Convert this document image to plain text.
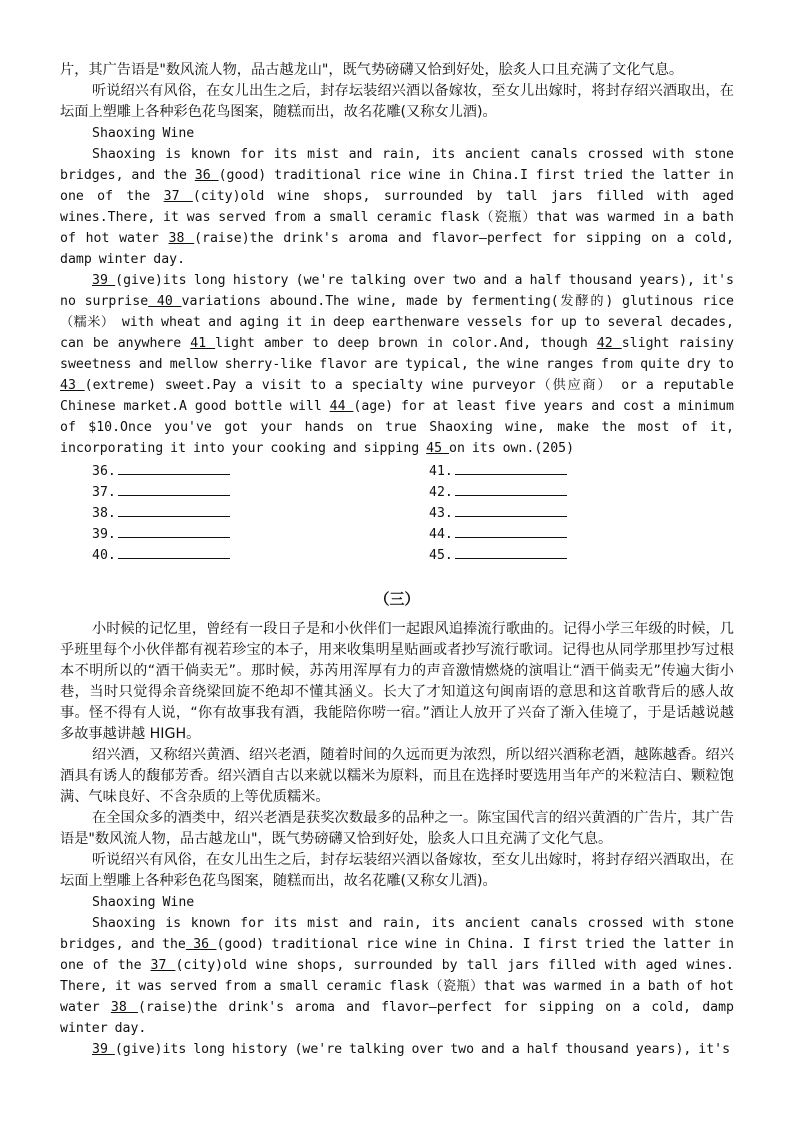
片，其广告语是"数风流人物，品古越龙山"，既气势磅礴又恰到好处，脍炙人口且充满了文化气息。

听说绍兴有风俗，在女儿出生之后，封存坛装绍兴酒以备嫁妆，至女儿出嫁时，将封存绍兴酒取出，在坛面上塑雕上各种彩色花鸟图案，随糕而出，故名花雕(又称女儿酒)。

Shaoxing Wine

Shaoxing is known for its mist and rain, its ancient canals crossed with stone bridges, and the 36 (good) traditional rice wine in China.I first tried the latter in one of the 37 (city)old wine shops, surrounded by tall jars filled with aged wines.There, it was served from a small ceramic flask（瓷瓶）that was warmed in a bath of hot water 38 (raise)the drink's aroma and flavor—perfect for sipping on a cold, damp winter day.

39 (give)its long history (we're talking over two and a half thousand years), it's no surprise 40 variations abound.The wine, made by fermenting(发酵的) glutinous rice（糯米） with wheat and aging it in deep earthenware vessels for up to several decades, can be anywhere 41 light amber to deep brown in color.And, though 42 slight raisiny sweetness and mellow sherry-like flavor are typical, the wine ranges from quite dry to 43 (extreme) sweet.Pay a visit to a specialty wine purveyor（供应商） or a reputable Chinese market.A good bottle will 44 (age) for at least five years and cost a minimum of $10.Once you've got your hands on true Shaoxing wine, make the most of it, incorporating it into your cooking and sipping 45 on its own.(205)

36.
37.
38.
39.
40.
41.
42.
43.
44.
45.
（三）

小时候的记忆里，曾经有一段日子是和小伙伴们一起跟风追捧流行歌曲的。记得小学三年级的时候，几乎班里每个小伙伴都有视若珍宝的本子，用来收集明星贴画或者抄写流行歌词。记得也从同学那里抄写过根本不明所以的“酒干倘卖无”。那时候，苏芮用浑厚有力的声音激情燃烧的演唱让“酒干倘卖无”传遍大街小巷，当时只觉得余音绕梁回旋不绝却不懂其涵义。长大了才知道这句闽南语的意思和这首歌背后的感人故事。怪不得有人说，“你有故事我有酒，我能陪你唠一宿。”酒让人放开了兴奋了渐入佳境了，于是话越说越多故事越讲越 HIGH。

绍兴酒，又称绍兴黄酒、绍兴老酒，随着时间的久远而更为浓烈，所以绍兴酒称老酒，越陈越香。绍兴酒具有诱人的馥郁芳香。绍兴酒自古以来就以糯米为原料，而且在选择时要选用当年产的米粒洁白、颗粒饱满、气味良好、不含杂质的上等优质糯米。

在全国众多的酒类中，绍兴老酒是获奖次数最多的品种之一。陈宝国代言的绍兴黄酒的广告片，其广告语是"数风流人物，品古越龙山"，既气势磅礴又恰到好处，脍炙人口且充满了文化气息。

听说绍兴有风俗，在女儿出生之后，封存坛装绍兴酒以备嫁妆，至女儿出嫁时，将封存绍兴酒取出，在坛面上塑雕上各种彩色花鸟图案，随糕而出，故名花雕(又称女儿酒)。

Shaoxing Wine

Shaoxing is known for its mist and rain, its ancient canals crossed with stone bridges, and the 36 (good) traditional rice wine in China. I first tried the latter in one of the 37 (city)old wine shops, surrounded by tall jars filled with aged wines. There, it was served from a small ceramic flask（瓷瓶）that was warmed in a bath of hot water 38 (raise)the drink's aroma and flavor—perfect for sipping on a cold, damp winter day.

39 (give)its long history (we're talking over two and a half thousand years), it's
